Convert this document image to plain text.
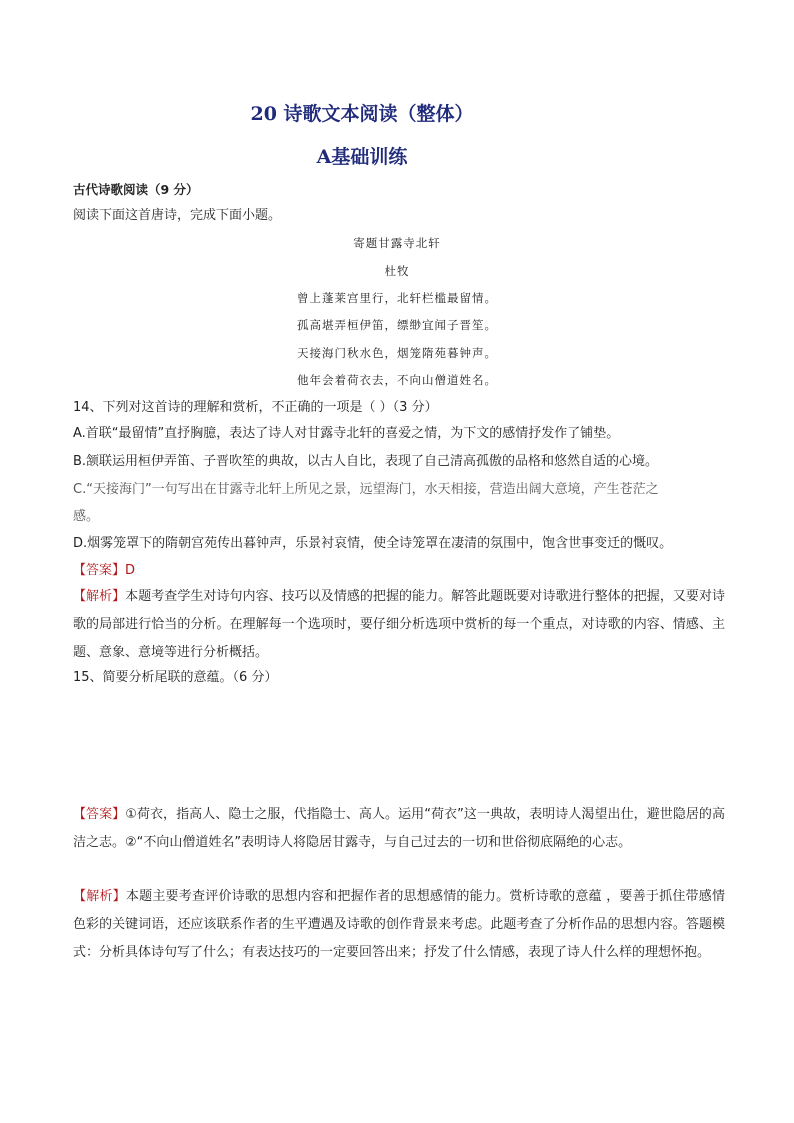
20 诗歌文本阅读（整体）
A基础训练
古代诗歌阅读（9 分）
阅读下面这首唐诗，完成下面小题。
寄题甘露寺北轩
杜牧
曾上蓬莱宫里行，北轩栏槛最留情。
孤高堪弄桓伊笛，缥缈宜闻子晋笙。
天接海门秋水色，烟笼隋苑暮钟声。
他年会着荷衣去，不向山僧道姓名。
14、下列对这首诗的理解和赏析，不正确的一项是（ ）（3 分）
A.首联“最留情”直抒胸臆，表达了诗人对甘露寺北轩的喜爱之情，为下文的感情抒发作了铺垫。
B.颔联运用桓伊弄笛、子晋吹笙的典故，以古人自比，表现了自己清高孤傲的品格和悠然自适的心境。
C.“天接海门”一句写出在甘露寺北轩上所见之景，远望海门，水天相接，营造出阔大意境，产生苍茫之
感。
D.烟雾笼罩下的隋朝宫苑传出暮钟声，乐景衬哀情，使全诗笼罩在凄清的氛围中，饱含世事变迁的慨叹。
【答案】D
【解析】本题考查学生对诗句内容、技巧以及情感的把握的能力。解答此题既要对诗歌进行整体的把握，又要对诗歌的局部进行恰当的分析。在理解每一个选项时，要仔细分析选项中赏析的每一个重点，对诗歌的内容、情感、主题、意象、意境等进行分析概括。
15、简要分析尾联的意蕴。（6 分）
【答案】①荷衣，指高人、隐士之服，代指隐士、高人。运用“荷衣”这一典故，表明诗人渴望出仕，避世隐居的高洁之志。②“不向山僧道姓名”表明诗人将隐居甘露寺，与自己过去的一切和世俗彻底隔绝的心志。
【解析】本题主要考查评价诗歌的思想内容和把握作者的思想感情的能力。赏析诗歌的意蕴 ，要善于抓住带感情色彩的关键词语，还应该联系作者的生平遭遇及诗歌的创作背景来考虑。此题考查了分析作品的思想内容。答题模式：分析具体诗句写了什么；有表达技巧的一定要回答出来；抒发了什么情感，表现了诗人什么样的理想怀抱。
